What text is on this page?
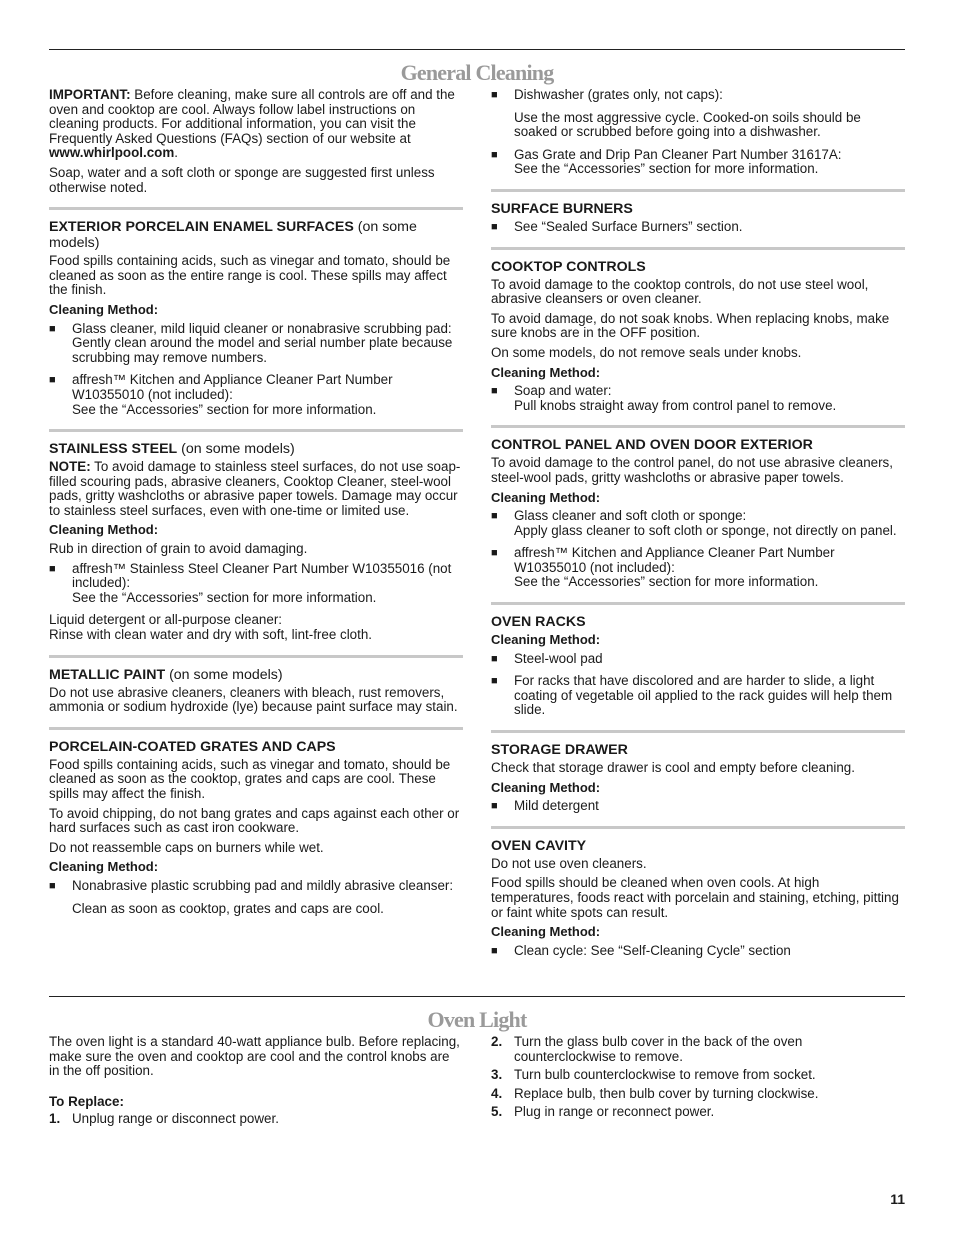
General Cleaning
IMPORTANT: Before cleaning, make sure all controls are off and the oven and cooktop are cool. Always follow label instructions on cleaning products. For additional information, you can visit the Frequently Asked Questions (FAQs) section of our website at www.whirlpool.com.
Soap, water and a soft cloth or sponge are suggested first unless otherwise noted.
EXTERIOR PORCELAIN ENAMEL SURFACES (on some models)
Food spills containing acids, such as vinegar and tomato, should be cleaned as soon as the entire range is cool. These spills may affect the finish.
Cleaning Method:
■ Glass cleaner, mild liquid cleaner or nonabrasive scrubbing pad:
Gently clean around the model and serial number plate because scrubbing may remove numbers.
■ affresh™ Kitchen and Appliance Cleaner Part Number W10355010 (not included):
See the “Accessories” section for more information.
STAINLESS STEEL (on some models)
NOTE: To avoid damage to stainless steel surfaces, do not use soap-filled scouring pads, abrasive cleaners, Cooktop Cleaner, steel-wool pads, gritty washcloths or abrasive paper towels. Damage may occur to stainless steel surfaces, even with one-time or limited use.
Cleaning Method:
Rub in direction of grain to avoid damaging.
■ affresh™ Stainless Steel Cleaner Part Number W10355016 (not included):
See the “Accessories” section for more information.
Liquid detergent or all-purpose cleaner:
Rinse with clean water and dry with soft, lint-free cloth.
METALLIC PAINT (on some models)
Do not use abrasive cleaners, cleaners with bleach, rust removers, ammonia or sodium hydroxide (lye) because paint surface may stain.
PORCELAIN-COATED GRATES AND CAPS
Food spills containing acids, such as vinegar and tomato, should be cleaned as soon as the cooktop, grates and caps are cool. These spills may affect the finish.
To avoid chipping, do not bang grates and caps against each other or hard surfaces such as cast iron cookware.
Do not reassemble caps on burners while wet.
Cleaning Method:
■ Nonabrasive plastic scrubbing pad and mildly abrasive cleanser:
Clean as soon as cooktop, grates and caps are cool.
■ Dishwasher (grates only, not caps):
Use the most aggressive cycle. Cooked-on soils should be soaked or scrubbed before going into a dishwasher.
■ Gas Grate and Drip Pan Cleaner Part Number 31617A:
See the “Accessories” section for more information.
SURFACE BURNERS
■ See “Sealed Surface Burners” section.
COOKTOP CONTROLS
To avoid damage to the cooktop controls, do not use steel wool, abrasive cleansers or oven cleaner.
To avoid damage, do not soak knobs. When replacing knobs, make sure knobs are in the OFF position.
On some models, do not remove seals under knobs.
Cleaning Method:
■ Soap and water:
Pull knobs straight away from control panel to remove.
CONTROL PANEL AND OVEN DOOR EXTERIOR
To avoid damage to the control panel, do not use abrasive cleaners, steel-wool pads, gritty washcloths or abrasive paper towels.
Cleaning Method:
■ Glass cleaner and soft cloth or sponge:
Apply glass cleaner to soft cloth or sponge, not directly on panel.
■ affresh™ Kitchen and Appliance Cleaner Part Number W10355010 (not included):
See the “Accessories” section for more information.
OVEN RACKS
Cleaning Method:
■ Steel-wool pad
■ For racks that have discolored and are harder to slide, a light coating of vegetable oil applied to the rack guides will help them slide.
STORAGE DRAWER
Check that storage drawer is cool and empty before cleaning.
Cleaning Method:
■ Mild detergent
OVEN CAVITY
Do not use oven cleaners.
Food spills should be cleaned when oven cools. At high temperatures, foods react with porcelain and staining, etching, pitting or faint white spots can result.
Cleaning Method:
■ Clean cycle: See “Self-Cleaning Cycle” section
Oven Light
The oven light is a standard 40-watt appliance bulb. Before replacing, make sure the oven and cooktop are cool and the control knobs are in the off position.
To Replace:
1. Unplug range or disconnect power.
2. Turn the glass bulb cover in the back of the oven counterclockwise to remove.
3. Turn bulb counterclockwise to remove from socket.
4. Replace bulb, then bulb cover by turning clockwise.
5. Plug in range or reconnect power.
11
